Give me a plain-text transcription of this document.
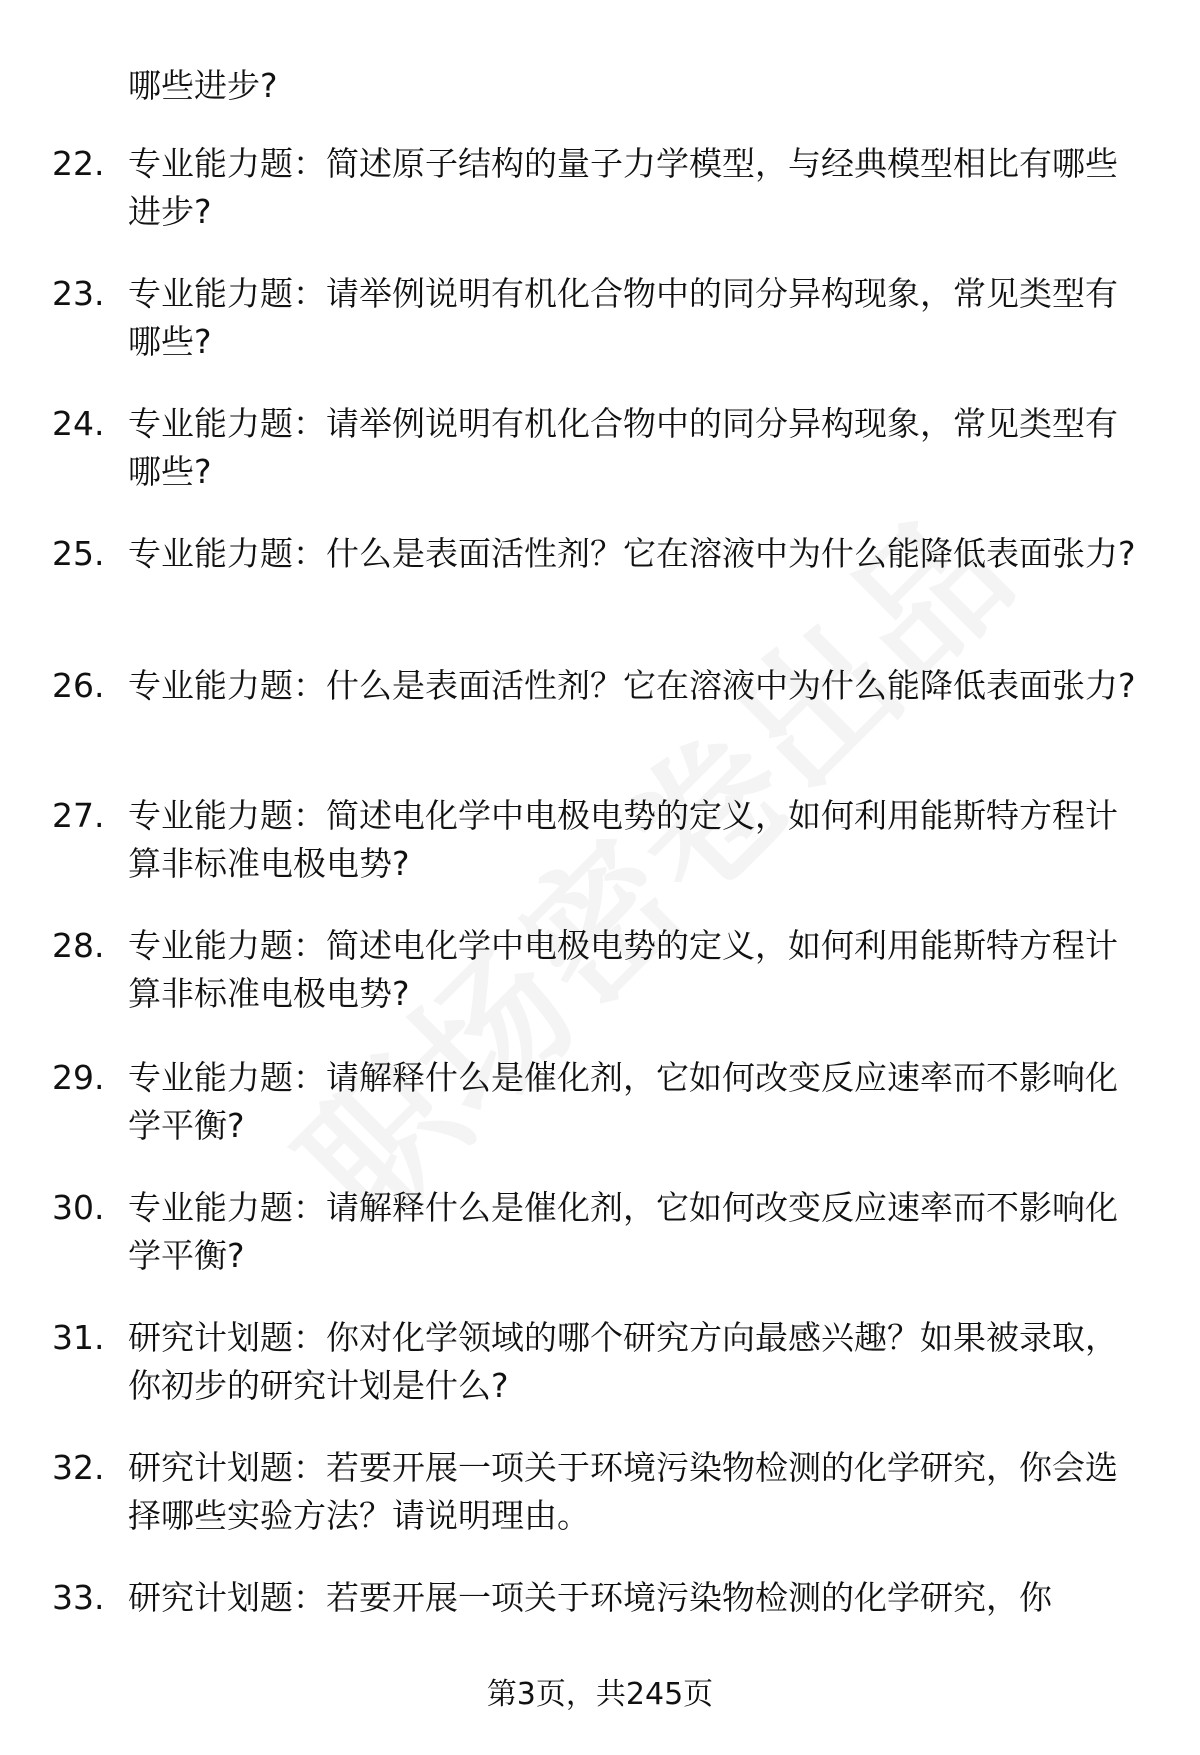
哪些进步?
22. 专业能力题：简述原子结构的量子力学模型，与经典模型相比有哪些进步?
23. 专业能力题：请举例说明有机化合物中的同分异构现象，常见类型有哪些?
24. 专业能力题：请举例说明有机化合物中的同分异构现象，常见类型有哪些?
25. 专业能力题：什么是表面活性剂？它在溶液中为什么能降低表面张力?
26. 专业能力题：什么是表面活性剂？它在溶液中为什么能降低表面张力?
27. 专业能力题：简述电化学中电极电势的定义，如何利用能斯特方程计算非标准电极电势?
28. 专业能力题：简述电化学中电极电势的定义，如何利用能斯特方程计算非标准电极电势?
29. 专业能力题：请解释什么是催化剂，它如何改变反应速率而不影响化学平衡?
30. 专业能力题：请解释什么是催化剂，它如何改变反应速率而不影响化学平衡?
31. 研究计划题：你对化学领域的哪个研究方向最感兴趣？如果被录取，你初步的研究计划是什么?
32. 研究计划题：若要开展一项关于环境污染物检测的化学研究，你会选择哪些实验方法？请说明理由。
33. 研究计划题：若要开展一项关于环境污染物检测的化学研究，你
第3页，共245页
